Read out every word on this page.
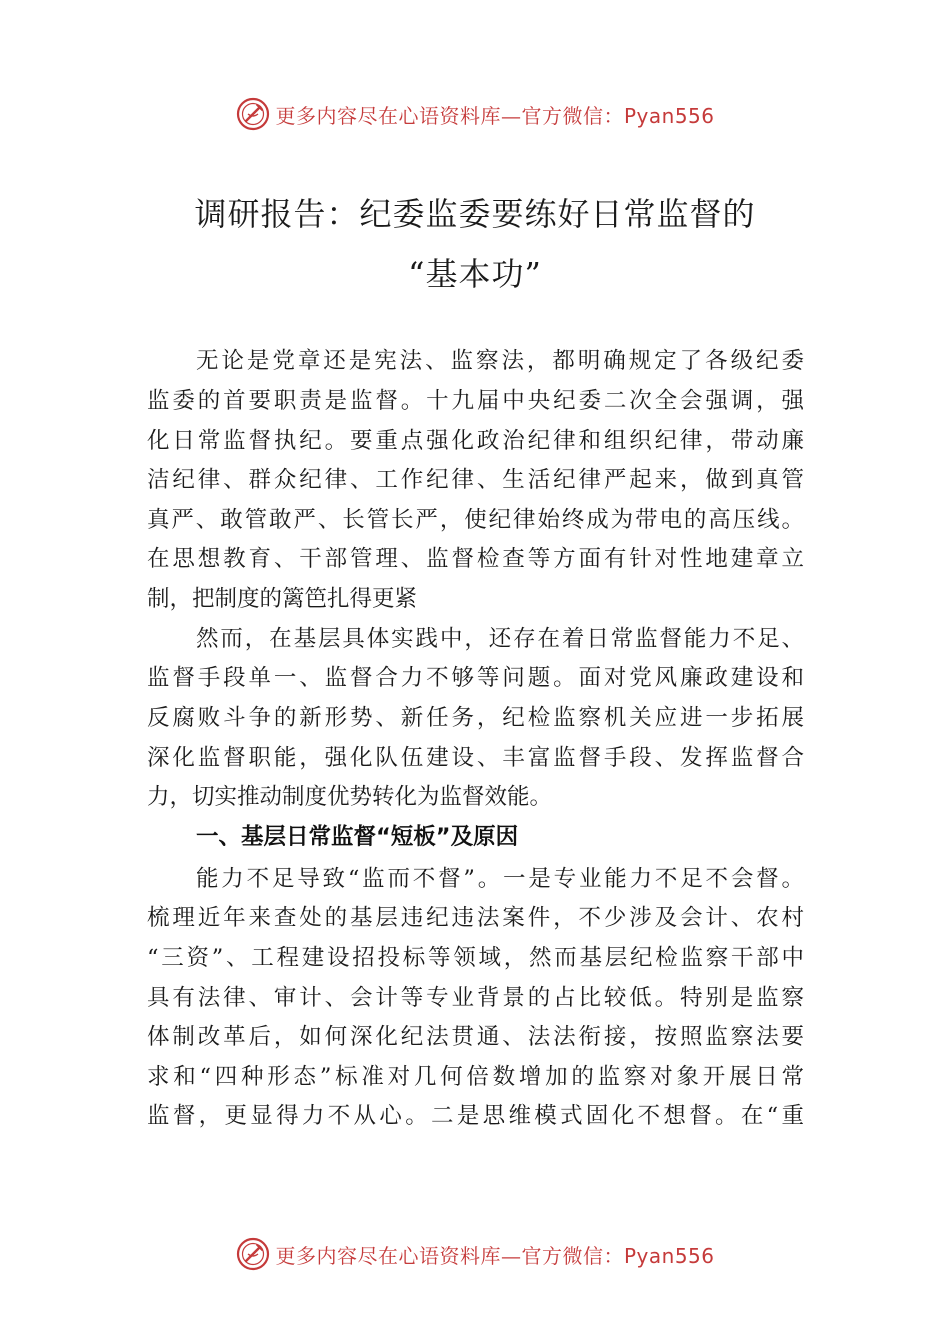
更多内容尽在心语资料库—官方微信：Pyan556
调研报告：纪委监委要练好日常监督的
“基本功”
无论是党章还是宪法、监察法，都明确规定了各级纪委
监委的首要职责是监督。十九届中央纪委二次全会强调，强
化日常监督执纪。要重点强化政治纪律和组织纪律，带动廉
洁纪律、群众纪律、工作纪律、生活纪律严起来，做到真管
真严、敢管敢严、长管长严，使纪律始终成为带电的高压线。
在思想教育、干部管理、监督检查等方面有针对性地建章立
制，把制度的篱笆扎得更紧
然而，在基层具体实践中，还存在着日常监督能力不足、
监督手段单一、监督合力不够等问题。面对党风廉政建设和
反腐败斗争的新形势、新任务，纪检监察机关应进一步拓展
深化监督职能，强化队伍建设、丰富监督手段、发挥监督合
力，切实推动制度优势转化为监督效能。
一、基层日常监督“短板”及原因
能力不足导致“监而不督”。一是专业能力不足不会督。
梳理近年来查处的基层违纪违法案件，不少涉及会计、农村
“三资”、工程建设招投标等领域，然而基层纪检监察干部中
具有法律、审计、会计等专业背景的占比较低。特别是监察
体制改革后，如何深化纪法贯通、法法衔接，按照监察法要
求和“四种形态”标准对几何倍数增加的监察对象开展日常
监督，更显得力不从心。二是思维模式固化不想督。在“重
更多内容尽在心语资料库—官方微信：Pyan556
